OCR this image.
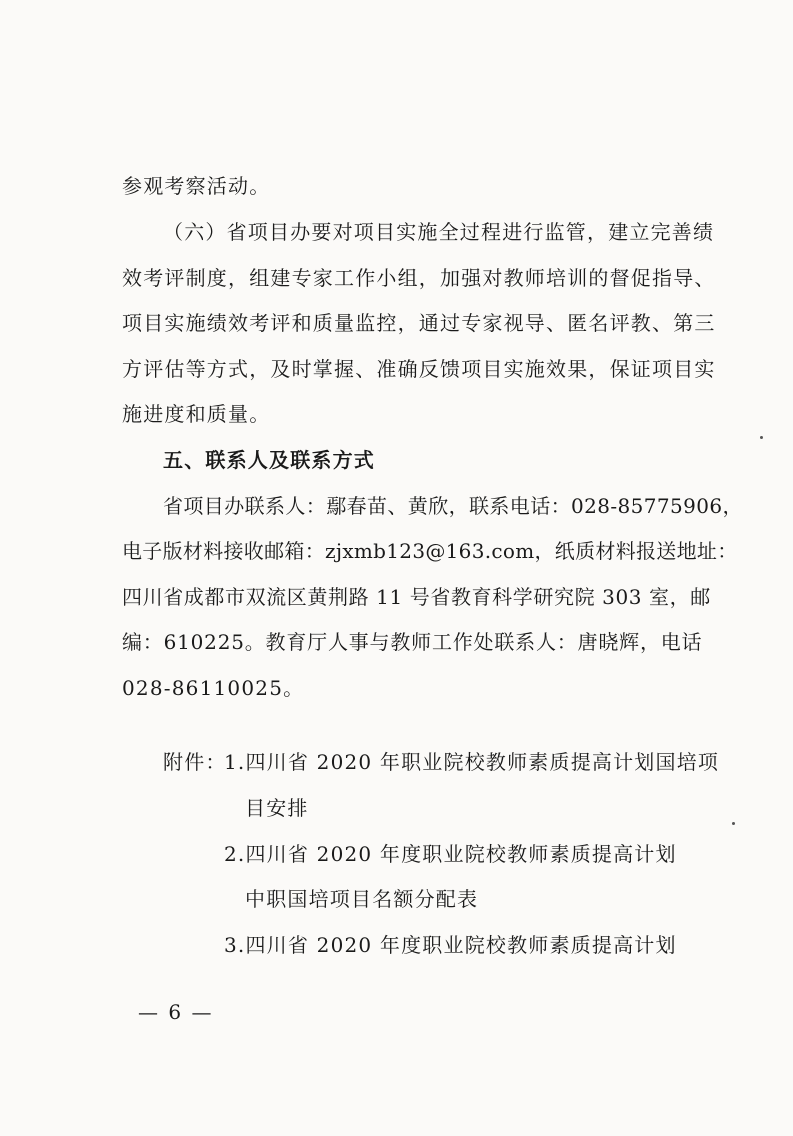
参观考察活动。
（六）省项目办要对项目实施全过程进行监管，建立完善绩
效考评制度，组建专家工作小组，加强对教师培训的督促指导、
项目实施绩效考评和质量监控，通过专家视导、匿名评教、第三
方评估等方式，及时掌握、准确反馈项目实施效果，保证项目实
施进度和质量。
五、联系人及联系方式
省项目办联系人：鄢春苗、黄欣，联系电话：028-85775906，
电子版材料接收邮箱：zjxmb123@163.com，纸质材料报送地址：
四川省成都市双流区黄荆路 11 号省教育科学研究院 303 室，邮
编：610225。教育厅人事与教师工作处联系人：唐晓辉，电话
028-86110025。
附件：
1.四川省 2020 年职业院校教师素质提高计划国培项
目安排
2.四川省 2020 年度职业院校教师素质提高计划
中职国培项目名额分配表
3.四川省 2020 年度职业院校教师素质提高计划
— 6 —
